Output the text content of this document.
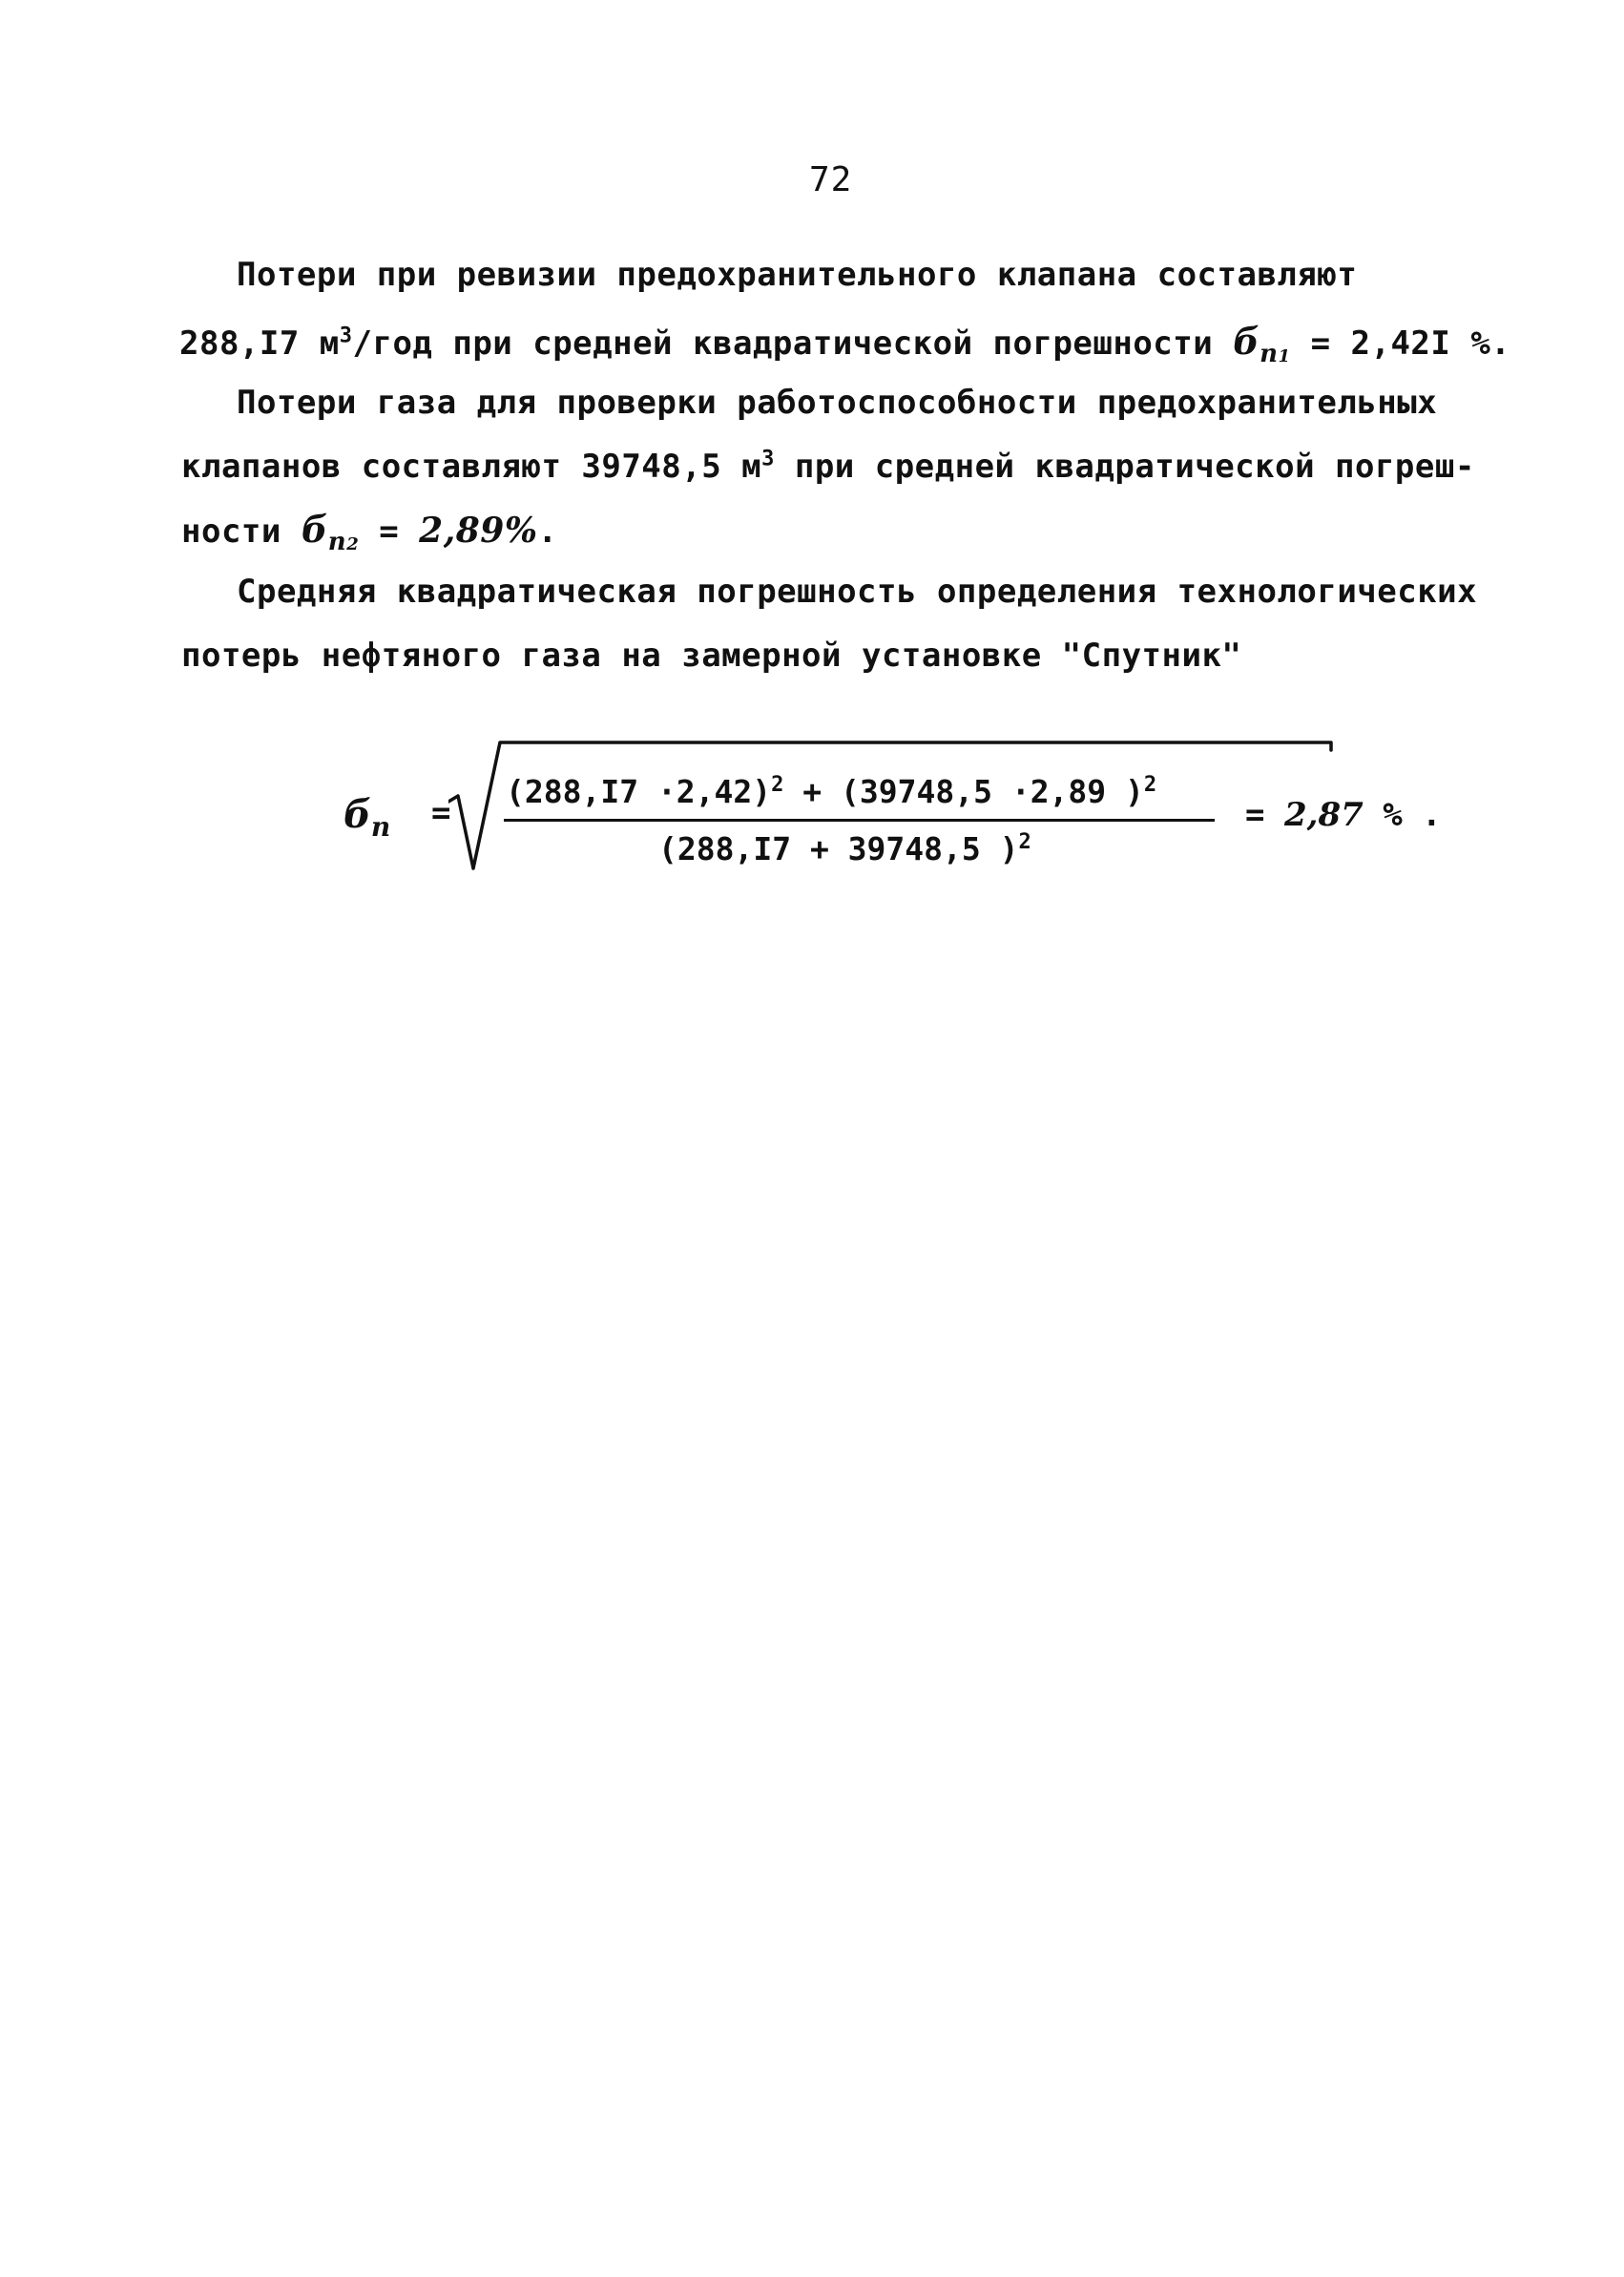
72
Потери при ревизии предохранительного клапана составляют
288,I7 $м^3$/год при средней квадратической погрешности $б_{п1} = 2,42I$ %.
Потери газа для проверки работоспособности предохранительных
клапанов составляют 39748,5 $м^3$ при средней квадратической погреш-
ности $б_{п2} = 2,89\%$.
Средняя квадратическая погрешность определения технологических
потерь нефтяного газа на замерной установке "Спутник"
$б_п$ =
$(288,I7 \cdot 2,42)^2 + (39748,5 \cdot 2,89$ )$^2$
(288,I7 + 39748,5 )$^2$
= 2,87 % .
